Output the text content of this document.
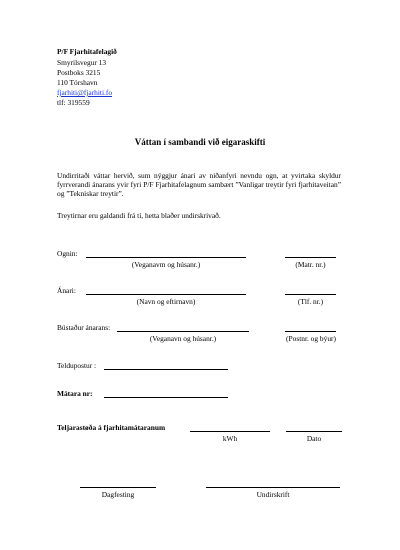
P/F Fjarhitafelagið
Smyrilsvegur 13
Postboks 3215
110 Tórshavn
fjarhiti@fjarhiti.fo
tlf: 319559
Váttan í sambandi við eigaraskifti
Undirritaði váttar hervið, sum nýggjur ánari av niðanfyri nevndu ogn, at yvirtaka skyldur fyrrverandi ánarans yvir fyri P/F Fjarhitafelagnum sambært ”Vanligar treytir fyri fjarhitaveitan” og ”Tekniskar treytir”.
Treytirnar eru galdandi frá tí, hetta blaðer undirskrivað.
Ognin:
(Veganavm og húsanr.)	(Matr. nr.)
Ánari:
(Navn og eftirnavn)	(Tlf. nr.)
Bústaður ánarans:
(Veganavn og húsanr.)	(Postnr. og býur)
Teldupostur :
Mátara nr:
Teljarastøða á fjarhitamátaranum
kWh	Dato
Dagfesting	Undirskrift
